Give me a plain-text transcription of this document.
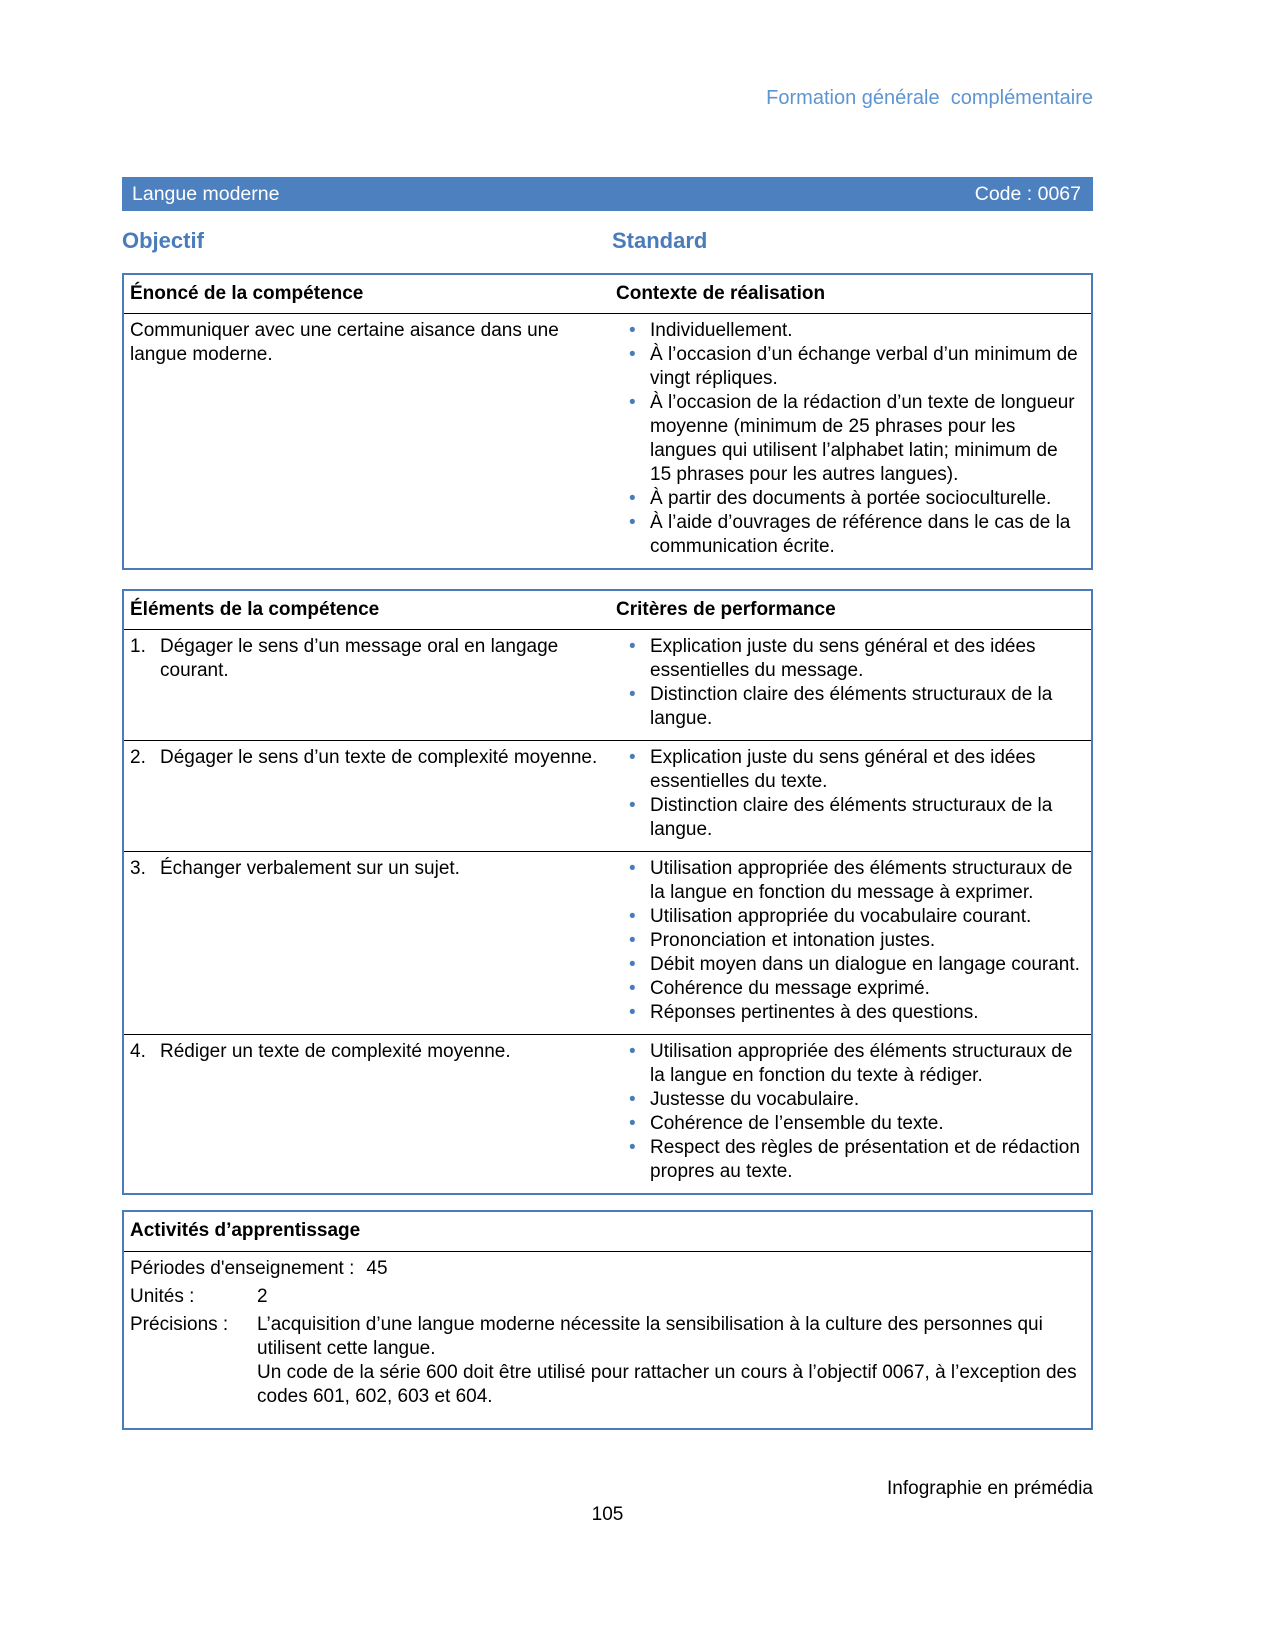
Formation générale  complémentaire

Langue moderne	Code : 0067
Objectif	Standard
Énoncé de la compétence	Contexte de réalisation
Communiquer avec une certaine aisance dans une langue moderne.
• Individuellement.
• À l’occasion d’un échange verbal d’un minimum de vingt répliques.
• À l’occasion de la rédaction d’un texte de longueur moyenne (minimum de 25 phrases pour les langues qui utilisent l’alphabet latin; minimum de 15 phrases pour les autres langues).
• À partir des documents à portée socioculturelle.
• À l’aide d’ouvrages de référence dans le cas de la communication écrite.
Éléments de la compétence	Critères de performance
1. Dégager le sens d’un message oral en langage courant.
• Explication juste du sens général et des idées essentielles du message.
• Distinction claire des éléments structuraux de la langue.
2. Dégager le sens d’un texte de complexité moyenne.	• Explication juste du sens général et des idées essentielles du texte.
• Distinction claire des éléments structuraux de la langue.
3. Échanger verbalement sur un sujet.	• Utilisation appropriée des éléments structuraux de la langue en fonction du message à exprimer.
• Utilisation appropriée du vocabulaire courant.
• Prononciation et intonation justes.
• Débit moyen dans un dialogue en langage courant.
• Cohérence du message exprimé.
• Réponses pertinentes à des questions.
4. Rédiger un texte de complexité moyenne.	• Utilisation appropriée des éléments structuraux de la langue en fonction du texte à rédiger.
• Justesse du vocabulaire.
• Cohérence de l’ensemble du texte.
• Respect des règles de présentation et de rédaction propres au texte.
Activités d’apprentissage
Périodes d'enseignement : 45
Unités :	2
Précisions :	L’acquisition d’une langue moderne nécessite la sensibilisation à la culture des personnes qui utilisent cette langue.

Un code de la série 600 doit être utilisé pour rattacher un cours à l’objectif 0067, à l’exception des codes 601, 602, 603 et 604.

Infographie en prémédia
105
